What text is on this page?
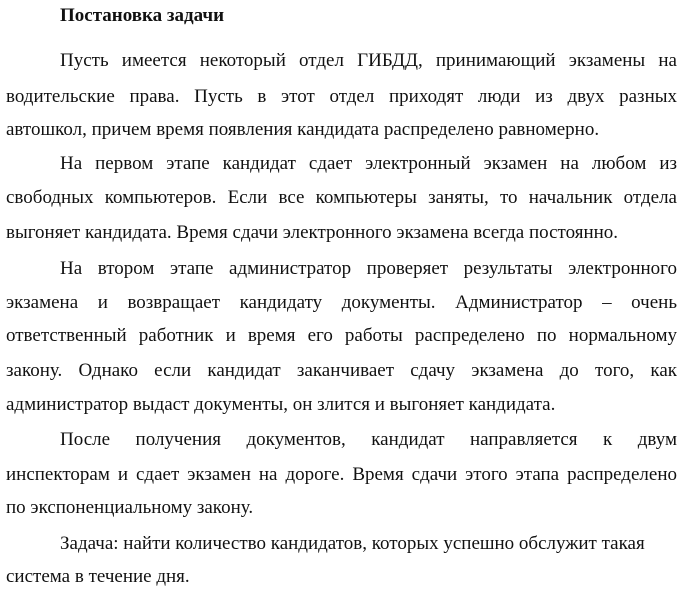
Постановка задачи
Пусть имеется некоторый отдел ГИБДД, принимающий экзамены на
водительские права. Пусть в этот отдел приходят люди из двух разных
автошкол, причем время появления кандидата распределено равномерно.
На первом этапе кандидат сдает электронный экзамен на любом из
свободных компьютеров. Если все компьютеры заняты, то начальник отдела
выгоняет кандидата. Время сдачи электронного экзамена всегда постоянно.
На втором этапе администратор проверяет результаты электронного
экзамена и возвращает кандидату документы. Администратор – очень
ответственный работник и время его работы распределено по нормальному
закону. Однако если кандидат заканчивает сдачу экзамена до того, как
администратор выдаст документы, он злится и выгоняет кандидата.
После получения документов, кандидат направляется к двум
инспекторам и сдает экзамен на дороге. Время сдачи этого этапа распределено
по экспоненциальному закону.
Задача: найти количество кандидатов, которых успешно обслужит такая
система в течение дня.
